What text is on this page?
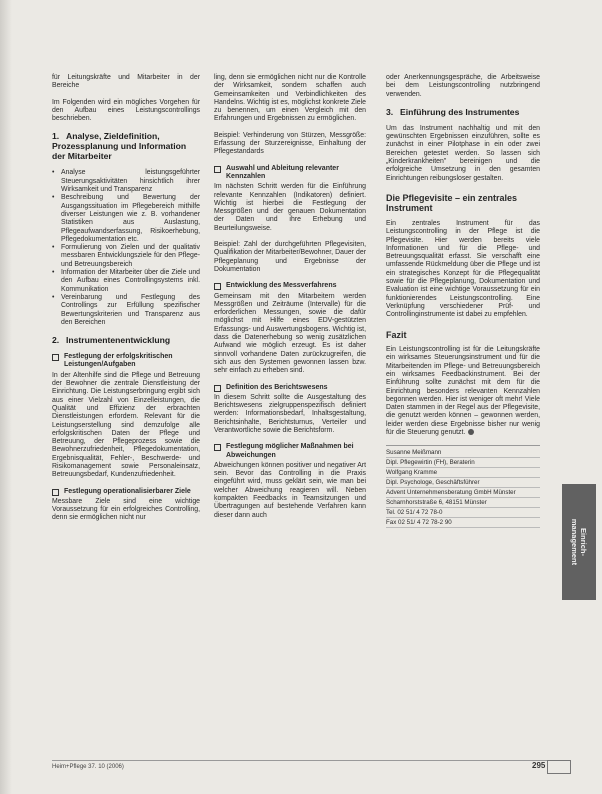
für Leitungskräfte und Mitarbeiter in der Bereiche

Im Folgenden wird ein mögliches Vorgehen für den Aufbau eines Leistungscontrollings beschrieben.

1. Analyse, Zieldefinition, Prozessplanung und Information der Mitarbeiter
• Analyse leistungsgeführter Steuerungsaktivitäten hinsichtlich ihrer Wirksamkeit und Transparenz
• Beschreibung und Bewertung der Ausgangssituation im Pflegebereich mithilfe diverser Leistungen wie z. B. vorhandener Statistiken aus Auslastung, Pflegeaufwandserfassung, Risikoerhebung, Pflegedokumentation etc.
• Formulierung von Zielen und der qualitativ messbaren Entwicklungsziele für den Pflege- und Betreuungsbereich
• Information der Mitarbeiter über die Ziele und den Aufbau eines Controllingsystems inkl. Kommunikation
• Vereinbarung und Festlegung des Controllings zur Erfüllung spezifischer Bewertungskriterien und Transparenz aus den Bereichen
2. Instrumentenentwicklung
Festlegung der erfolgskritischen Leistungen/Aufgaben

In der Altenhilfe sind die Pflege und Betreuung der Bewohner die zentrale Dienstleistung der Einrichtung. Die Leistungserbringung ergibt sich aus einer Vielzahl von Einzelleistungen, die Qualität und Effizienz der erbrachten Dienstleistungen erfordern. Relevant für die Leistungserstellung sind demzufolge alle erfolgskritischen Daten der Pflege und Betreuung, der Pflegeprozess sowie die Bewohnerzufriedenheit, Pflegedokumentation, Ergebnisqualität, Fehler-, Beschwerde- und Risikomanagement sowie Personaleinsatz, Betreuungsbedarf, Kundenzufriedenheit.

Festlegung operationalisierbarer Ziele

Messbare Ziele sind eine wichtige Voraussetzung für ein erfolgreiches Controlling, denn sie ermöglichen nicht nur

ling, denn sie ermöglichen nicht nur die Kontrolle der Wirksamkeit, sondern schaffen auch Gemeinsamkeiten und Verbindlichkeiten des Handelns. Wichtig ist es, möglichst konkrete Ziele zu benennen, um einen Vergleich mit den Erfahrungen und Ergebnissen zu ermöglichen.

Beispiel: Verhinderung von Stürzen, Messgröße: Erfassung der Sturzereignisse, Einhaltung der Pflegestandards

Auswahl und Ableitung relevanter Kennzahlen

Im nächsten Schritt werden für die Einführung relevante Kennzahlen (Indikatoren) definiert. Wichtig ist hierbei die Festlegung der Messgrößen und der genauen Dokumentation der Daten und ihre Erhebung und Beurteilungsweise.

Beispiel: Zahl der durchgeführten Pflegevisiten, Qualifikation der Mitarbeiter/Bewohner, Dauer der Pflegeplanung und Ergebnisse der Dokumentation

Entwicklung des Messverfahrens

Gemeinsam mit den Mitarbeitern werden Messgrößen und Zeiträume (Intervalle) für die erforderlichen Messungen, sowie die dafür möglichst mit Hilfe eines EDV-gestützten Erfassungs- und Auswertungsbogens. Wichtig ist, dass die Datenerhebung so wenig zusätzlichen Aufwand wie möglich erzeugt. Es ist daher sinnvoll vorhandene Daten zurückzugreifen, die sich aus den Systemen gewonnen lassen bzw. sehr einfach zu erheben sind.

Definition des Berichtswesens

In diesem Schritt sollte die Ausgestaltung des Berichtswesens zielgruppenspezifisch definiert werden: Informationsbedarf, Inhaltsgestaltung, Berichtsinhalte, Berichtsturnus, Verteiler und Verantwortliche sowie die Berichtsform.

Festlegung möglicher Maßnahmen bei Abweichungen

Abweichungen können positiver und negativer Art sein. Bevor das Controlling in die Praxis eingeführt wird, muss geklärt sein, wie man bei welcher Abweichung reagieren will. Neben kompakten Feedbacks in Teamsitzungen und Übertragungen auf bestehende Verfahren kann dieser dann auch

oder Anerkennungsgespräche, die Arbeitsweise bei dem Leistungscontrolling nutzbringend verwenden.

3. Einführung des Instrumentes

Um das Instrument nachhaltig und mit den gewünschten Ergebnissen einzuführen, sollte es zunächst in einer Pilotphase in ein oder zwei Bereichen getestet werden. So lassen sich „Kinderkrankheiten" bereinigen und die erfolgreiche Umsetzung in den gesamten Einrichtungen reibungsloser gestalten.

Die Pflegevisite – ein zentrales Instrument

Ein zentrales Instrument für das Leistungscontrolling in der Pflege ist die Pflegevisite. Hier werden bereits viele Informationen und für die Pflege- und Betreuungsqualität erfasst. Sie verschafft eine umfassende Rückmeldung über die Pflege und ist ein strategisches Konzept für die Pflegequalität sowie für die Pflegeplanung, Dokumentation und Evaluation ist eine wichtige Voraussetzung für ein funktionierendes Leistungscontrolling. Eine Verknüpfung verschiedener Prüf- und Controllinginstrumente ist dabei zu empfehlen.

Fazit

Ein Leistungscontrolling ist für die Leitungskräfte ein wirksames Steuerungsinstrument und für die Mitarbeitenden im Pflege- und Betreuungsbereich ein wirksames Feedbackinstrument. Bei der Einführung sollte zunächst mit dem für die Einrichtung besonders relevanten Kennzahlen begonnen werden. Hier ist weniger oft mehr! Viele Daten stammen in der Regel aus der Pflegevisite, die genutzt werden können – gewonnen werden, leider werden diese Ergebnisse bisher nur wenig für die Steuerung genutzt.

Susanne Meißmann
Dipl. Pflegewirtin (FH), Beraterin
Wolfgang Kramme
Dipl. Psychologe, Geschäftsführer
Advent Unternehmensberatung GmbH Münster
Scharnhorststraße 6, 48151 Münster
Tel. 02 51/ 4 72 78-0
Fax 02 51/ 4 72 78-2 90
Einrich-
management
Heim+Pflege 37. 10 (2006)	295
